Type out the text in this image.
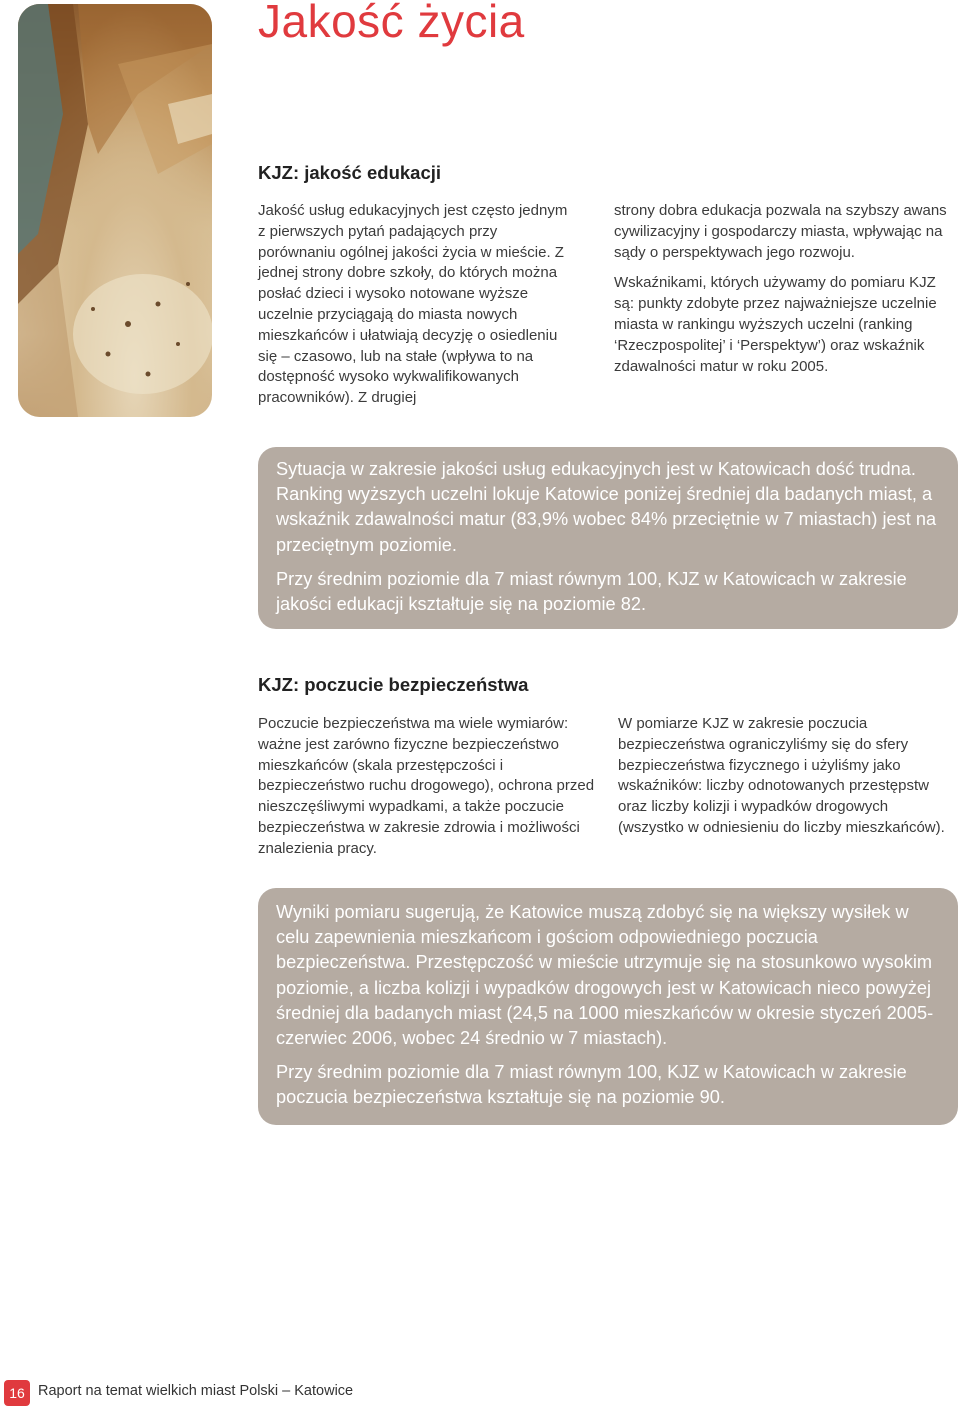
Jakość życia
KJZ: jakość edukacji

Jakość usług edukacyjnych jest często jednym z pierwszych pytań padających przy porównaniu ogólnej jakości życia w mieście. Z jednej strony dobre szkoły, do których można posłać dzieci i wysoko notowane wyższe uczelnie przyciągają do miasta nowych mieszkańców i ułatwiają decyzję o osiedleniu się – czasowo, lub na stałe (wpływa to na dostępność wysoko wykwalifikowanych pracowników). Z drugiej

strony dobra edukacja pozwala na szybszy awans cywilizacyjny i gospodarczy miasta, wpływając na sądy o perspektywach jego rozwoju.

Wskaźnikami, których używamy do pomiaru KJZ są: punkty zdobyte przez najważniejsze uczelnie miasta w rankingu wyższych uczelni (ranking ‘Rzeczpospolitej’ i ‘Perspektyw’) oraz wskaźnik zdawalności matur w roku 2005.

Sytuacja w zakresie jakości usług edukacyjnych jest w Katowicach dość trudna. Ranking wyższych uczelni lokuje Katowice poniżej średniej dla badanych miast, a wskaźnik zdawalności matur (83,9% wobec 84% przeciętnie w 7 miastach) jest na przeciętnym poziomie.

Przy średnim poziomie dla 7 miast równym 100, KJZ w Katowicach w zakresie jakości edukacji kształtuje się na poziomie 82.

KJZ: poczucie bezpieczeństwa

Poczucie bezpieczeństwa ma wiele wymiarów: ważne jest zarówno fizyczne bezpieczeństwo mieszkańców (skala przestępczości i bezpieczeństwo ruchu drogowego), ochrona przed nieszczęśliwymi wypadkami, a także poczucie bezpieczeństwa w zakresie zdrowia i możliwości znalezienia pracy.

W pomiarze KJZ w zakresie poczucia bezpieczeństwa ograniczyliśmy się do sfery bezpieczeństwa fizycznego i użyliśmy jako wskaźników: liczby odnotowanych przestępstw oraz liczby kolizji i wypadków drogowych (wszystko w odniesieniu do liczby mieszkańców).

Wyniki pomiaru sugerują, że Katowice muszą zdobyć się na większy wysiłek w celu zapewnienia mieszkańcom i gościom odpowiedniego poczucia bezpieczeństwa. Przestępczość w mieście utrzymuje się na stosunkowo wysokim poziomie, a liczba kolizji i wypadków drogowych jest w Katowicach nieco powyżej średniej dla badanych miast (24,5 na 1000 mieszkańców w okresie styczeń 2005-czerwiec 2006, wobec 24 średnio w 7 miastach).

Przy średnim poziomie dla 7 miast równym 100, KJZ w Katowicach w zakresie poczucia bezpieczeństwa kształtuje się na poziomie 90.

16 Raport na temat wielkich miast Polski – Katowice
